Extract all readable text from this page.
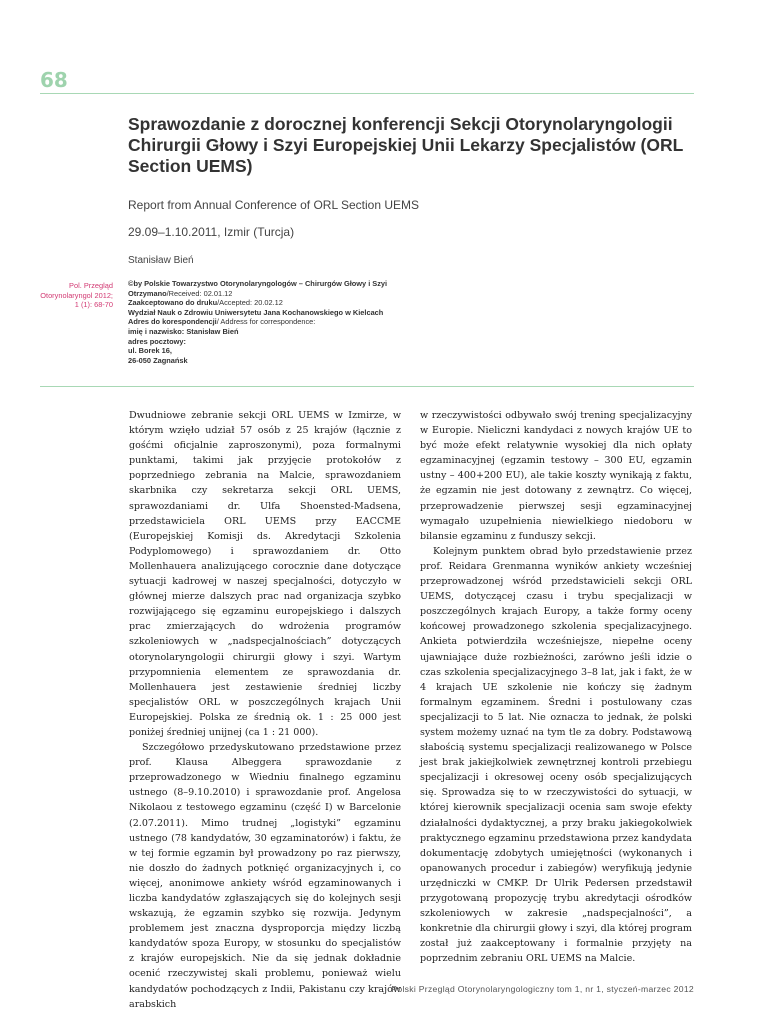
68
Sprawozdanie z dorocznej konferencji Sekcji Otorynolaryngologii Chirurgii Głowy i Szyi Europejskiej Unii Lekarzy Specjalistów (ORL Section UEMS)
Report from Annual Conference of ORL Section UEMS
29.09–1.10.2011, Izmir (Turcja)
Stanisław Bień
Pol. Przegląd
Otorynolaryngol 2012;
1 (1): 68-70
©by Polskie Towarzystwo Otorynolaryngologów – Chirurgów Głowy i Szyi
Otrzymano/Received: 02.01.12
Zaakceptowano do druku/Accepted: 20.02.12
Wydział Nauk o Zdrowiu Uniwersytetu Jana Kochanowskiego w Kielcach
Adres do korespondencji/ Address for correspondence:
imię i nazwisko: Stanisław Bień
adres pocztowy:
ul. Borek 16,
26-050 Zagnańsk

Dwudniowe zebranie sekcji ORL UEMS w Izmirze, w którym wzięło udział 57 osób z 25 krajów (łącznie z gośćmi oficjalnie zaproszonymi), poza formalnymi punktami, takimi jak przyjęcie protokołów z poprzedniego zebrania na Malcie, sprawozdaniem skarbnika czy sekretarza sekcji ORL UEMS, sprawozdaniami dr. Ulfa Shoensted-Madsena, przedstawiciela ORL UEMS przy EACCME (Europejskiej Komisji ds. Akredytacji Szkolenia Podyplomowego) i sprawozdaniem dr. Otto Mollenhauera analizującego corocznie dane dotyczące sytuacji kadrowej w naszej specjalności, dotyczyło w głównej mierze dalszych prac nad organizacja szybko rozwijającego się egzaminu europejskiego i dalszych prac zmierzających do wdrożenia programów szkoleniowych w „nadspecjalnościach” dotyczących otorynolaryngologii chirurgii głowy i szyi. Wartym przypomnienia elementem ze sprawozdania dr. Mollenhauera jest zestawienie średniej liczby specjalistów ORL w poszczególnych krajach Unii Europejskiej. Polska ze średnią ok. 1 : 25 000 jest poniżej średniej unijnej (ca 1 : 21 000).

Szczegółowo przedyskutowano przedstawione przez prof. Klausa Albeggera sprawozdanie z przeprowadzonego w Wiedniu finalnego egzaminu ustnego (8–9.10.2010) i sprawozdanie prof. Angelosa Nikolaou z testowego egzaminu (część I) w Barcelonie (2.07.2011). Mimo trudnej „logistyki” egzaminu ustnego (78 kandydatów, 30 egzaminatorów) i faktu, że w tej formie egzamin był prowadzony po raz pierwszy, nie doszło do żadnych potknięć organizacyjnych i, co więcej, anonimowe ankiety wśród egzaminowanych i liczba kandydatów zgłaszających się do kolejnych sesji wskazują, że egzamin szybko się rozwija. Jedynym problemem jest znaczna dysproporcja między liczbą kandydatów spoza Europy, w stosunku do specjalistów z krajów europejskich. Nie da się jednak dokładnie ocenić rzeczywistej skali problemu, ponieważ wielu kandydatów pochodzących z Indii, Pakistanu czy krajów arabskich

w rzeczywistości odbywało swój trening specjalizacyjny w Europie. Nieliczni kandydaci z nowych krajów UE to być może efekt relatywnie wysokiej dla nich opłaty egzaminacyjnej (egzamin testowy – 300 EU, egzamin ustny – 400+200 EU), ale takie koszty wynikają z faktu, że egzamin nie jest dotowany z zewnątrz. Co więcej, przeprowadzenie pierwszej sesji egzaminacyjnej wymagało uzupełnienia niewielkiego niedoboru w bilansie egzaminu z funduszy sekcji.

Kolejnym punktem obrad było przedstawienie przez prof. Reidara Grenmanna wyników ankiety wcześniej przeprowadzonej wśród przedstawicieli sekcji ORL UEMS, dotyczącej czasu i trybu specjalizacji w poszczególnych krajach Europy, a także formy oceny końcowej prowadzonego szkolenia specjalizacyjnego. Ankieta potwierdziła wcześniejsze, niepełne oceny ujawniające duże rozbieżności, zarówno jeśli idzie o czas szkolenia specjalizacyjnego 3–8 lat, jak i fakt, że w 4 krajach UE szkolenie nie kończy się żadnym formalnym egzaminem. Średni i postulowany czas specjalizacji to 5 lat. Nie oznacza to jednak, że polski system możemy uznać na tym tle za dobry. Podstawową słabością systemu specjalizacji realizowanego w Polsce jest brak jakiejkolwiek zewnętrznej kontroli przebiegu specjalizacji i okresowej oceny osób specjalizujących się. Sprowadza się to w rzeczywistości do sytuacji, w której kierownik specjalizacji ocenia sam swoje efekty działalności dydaktycznej, a przy braku jakiegokolwiek praktycznego egzaminu przedstawiona przez kandydata dokumentację zdobytych umiejętności (wykonanych i opanowanych procedur i zabiegów) weryfikują jedynie urzędniczki w CMKP. Dr Ulrik Pedersen przedstawił przygotowaną propozycję trybu akredytacji ośrodków szkoleniowych w zakresie „nadspecjalności”, a konkretnie dla chirurgii głowy i szyi, dla której program został już zaakceptowany i formalnie przyjęty na poprzednim zebraniu ORL UEMS na Malcie.

Polski Przegląd Otorynolaryngologiczny tom 1, nr 1, styczeń-marzec 2012
